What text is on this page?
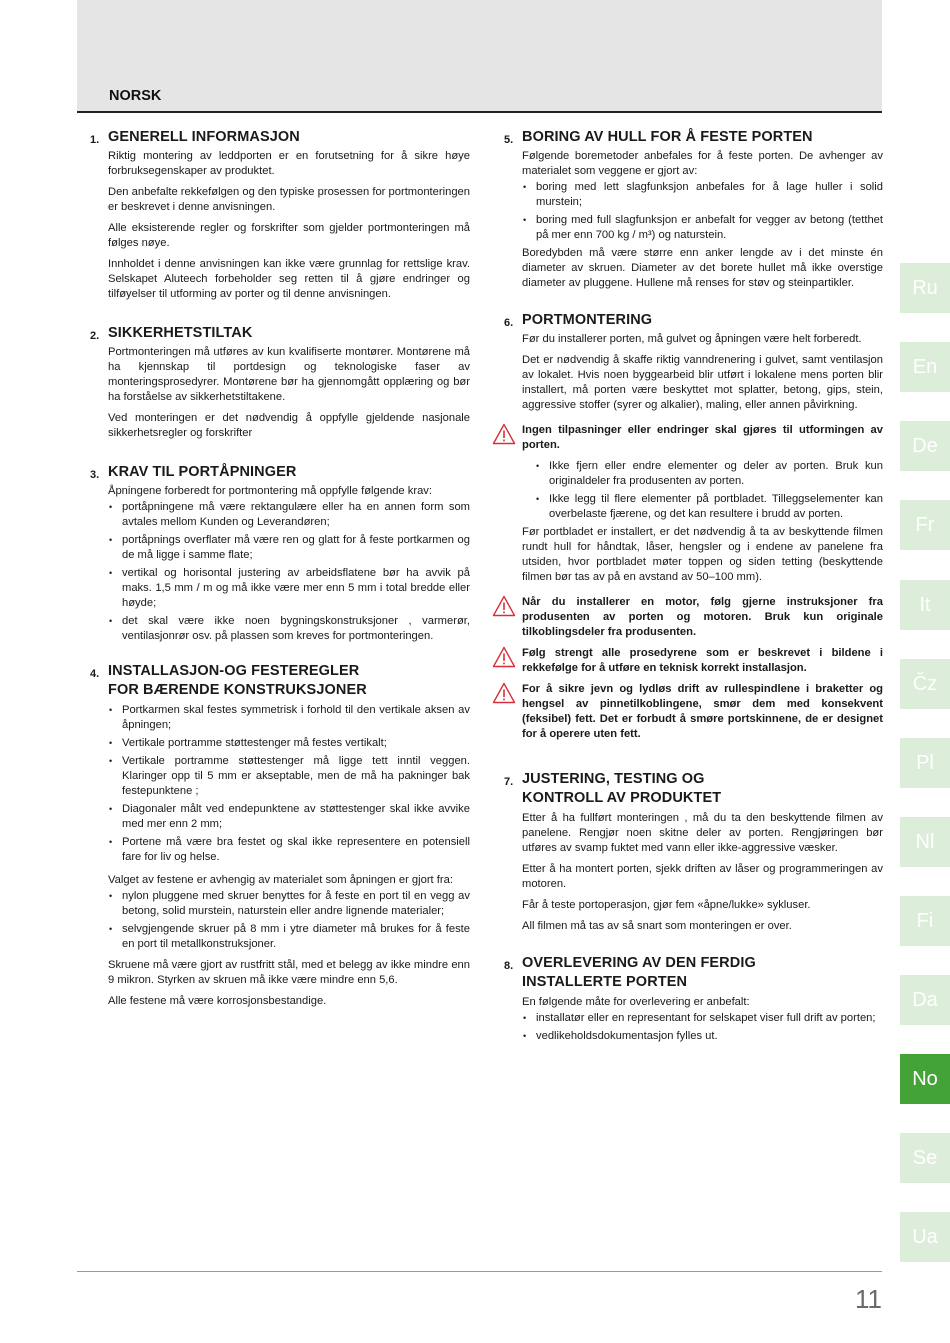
NORSK
1. GENERELL INFORMASJON

Riktig montering av leddporten er en forutsetning for å sikre høye forbruksegenskaper av produktet.

Den anbefalte rekkefølgen og den typiske prosessen for portmonteringen er beskrevet i denne anvisningen.

Alle eksisterende regler og forskrifter som gjelder portmonteringen må følges nøye.

Innholdet i denne anvisningen kan ikke være grunnlag for rettslige krav. Selskapet Aluteech forbeholder seg retten til å gjøre endringer og tilføyelser til utforming av porter og til denne anvisningen.

2. SIKKERHETSTILTAK

Portmonteringen må utføres av kun kvalifiserte montører. Montørene må ha kjennskap til portdesign og teknologiske faser av monteringsprosedyrer. Montørene bør ha gjennomgått opplæring og bør ha forståelse av sikkerhetstiltakene.

Ved monteringen er det nødvendig å oppfylle gjeldende nasjonale sikkerhetsregler og forskrifter

3. KRAV TIL PORTÅPNINGER

Åpningene forberedt for portmontering må oppfylle følgende krav:

• portåpningene må være rektangulære eller ha en annen form som avtales mellom Kunden og Leverandøren;
• portåpnings overflater må være ren og glatt for å feste portkarmen og de må ligge i samme flate;
• vertikal og horisontal justering av arbeidsflatene bør ha avvik på maks. 1,5 mm / m og må ikke være mer enn 5 mm i total bredde eller høyde;
• det skal være ikke noen bygningskonstruksjoner , varmerør, ventilasjonrør osv. på plassen som kreves for portmonteringen.
4. INSTALLASJON-OG FESTEREGLER
FOR BÆRENDE KONSTRUKSJONER
• Portkarmen skal festes symmetrisk i forhold til den vertikale aksen av åpningen;
• Vertikale portramme støttestenger må festes vertikalt;
• Vertikale portramme støttestenger må ligge tett inntil veggen. Klaringer opp til 5 mm er akseptable, men de må ha pakninger bak festepunktene ;
• Diagonaler målt ved endepunktene av støttestenger skal ikke avvike med mer enn 2 mm;
• Portene må være bra festet og skal ikke representere en potensiell fare for liv og helse.

Valget av festene er avhengig av materialet som åpningen er gjort fra:

• nylon pluggene med skruer benyttes for å feste en port til en vegg av betong, solid murstein, naturstein eller andre lignende materialer;
• selvgjengende skruer på 8 mm i ytre diameter må brukes for å feste en port til metallkonstruksjoner.

Skruene må være gjort av rustfritt stål, med et belegg av ikke mindre enn 9 mikron. Styrken av skruen må ikke være mindre enn 5,6.

Alle festene må være korrosjonsbestandige.

5. BORING AV HULL FOR Å FESTE PORTEN

Følgende boremetoder anbefales for å feste porten. De avhenger av materialet som veggene er gjort av:

• boring med lett slagfunksjon anbefales for å lage huller i solid murstein;
• boring med full slagfunksjon er anbefalt for vegger av betong (tetthet på mer enn 700 kg / m³) og naturstein.

Boredybden må være større enn anker lengde av i det minste én diameter av skruen. Diameter av det borete hullet må ikke overstige diameter av pluggene. Hullene må renses for støv og steinpartikler.

6. PORTMONTERING

Før du installerer porten, må gulvet og åpningen være helt forberedt.

Det er nødvendig å skaffe riktig vanndrenering i gulvet, samt ventilasjon av lokalet. Hvis noen byggearbeid blir utført i lokalene mens porten blir installert, må porten være beskyttet mot splatter, betong, gips, stein, aggressive stoffer (syrer og alkalier), maling, eller annen påvirkning.

Ingen tilpasninger eller endringer skal gjøres til utformingen av porten.
• Ikke fjern eller endre elementer og deler av porten. Bruk kun originaldeler fra produsenten av porten.
• Ikke legg til flere elementer på portbladet. Tilleggselementer kan overbelaste fjærene, og det kan resultere i brudd av porten.

Før portbladet er installert, er det nødvendig å ta av beskyttende filmen rundt hull for håndtak, låser, hengsler og i endene av panelene fra utsiden, hvor portbladet møter toppen og siden tetting (beskyttende filmen bør tas av på en avstand av 50–100 mm).

Når du installerer en motor, følg gjerne instruksjoner fra produsenten av porten og motoren. Bruk kun originale tilkoblingsdeler fra produsenten.
Følg strengt alle prosedyrene som er beskrevet i bildene i rekkefølge for å utføre en teknisk korrekt installasjon.
For å sikre jevn og lydløs drift av rullespindlene i braketter og hengsel av pinnetilkoblingene, smør dem med konsekvent (feksibel) fett. Det er forbudt å smøre portskinnene, de er designet for å operere uten fett.
7. JUSTERING, TESTING OG
KONTROLL AV PRODUKTET

Etter å ha fullført monteringen , må du ta den beskyttende filmen av panelene. Rengjør noen skitne deler av porten. Rengjøringen bør utføres av svamp fuktet med vann eller ikke-aggressive væsker.

Etter å ha montert porten, sjekk driften av låser og programmeringen av motoren.

Får å teste portoperasjon, gjør fem «åpne/lukke» sykluser.

All filmen må tas av så snart som monteringen er over.

8. OVERLEVERING AV DEN FERDIG
INSTALLERTE PORTEN

En følgende måte for overlevering er anbefalt:

• installatør eller en representant for selskapet viser full drift av porten;
• vedlikeholdsdokumentasjon fylles ut.
Ru
En
De
Fr
It
Čz
Pl
Nl
Fi
Da
No
Se
Ua
11
